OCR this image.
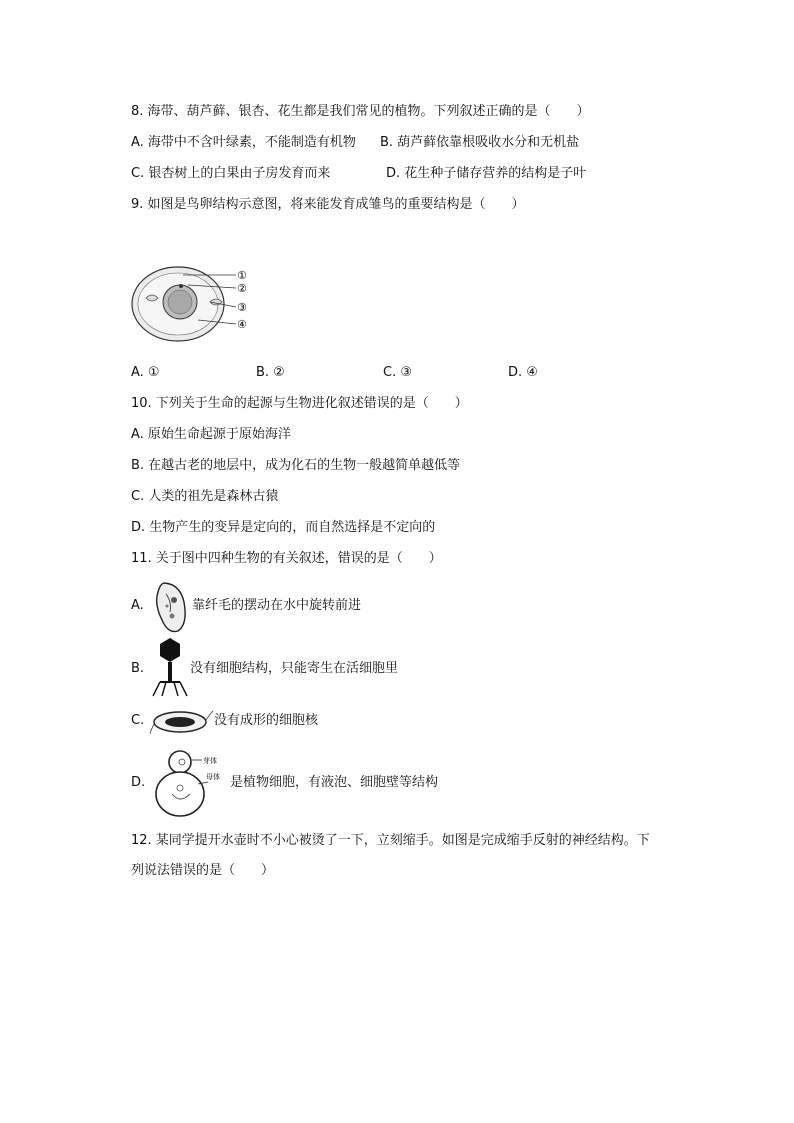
8. 海带、葫芦藓、银杏、花生都是我们常见的植物。下列叙述正确的是（　　）
A. 海带中不含叶绿素，不能制造有机物 B. 葫芦藓依靠根吸收水分和无机盐
C. 银杏树上的白果由子房发育而来	D. 花生种子储存营养的结构是子叶
9. 如图是鸟卵结构示意图，将来能发育成雏鸟的重要结构是（　　）
①
②
③
④
A. ①	B. ②	C. ③	D. ④
10. 下列关于生命的起源与生物进化叙述错误的是（　　）
A. 原始生命起源于原始海洋
B. 在越古老的地层中，成为化石的生物一般越简单越低等
C. 人类的祖先是森林古猿
D. 生物产生的变异是定向的，而自然选择是不定向的
11. 关于图中四种生物的有关叙述，错误的是（　　）
A.	靠纤毛的摆动在水中旋转前进
B.	没有细胞结构，只能寄生在活细胞里
C.	没有成形的细胞核
D.
芽体
母体 是植物细胞，有液泡、细胞壁等结构
12. 某同学提开水壶时不小心被烫了一下，立刻缩手。如图是完成缩手反射的神经结构。下
列说法错误的是（　　）
